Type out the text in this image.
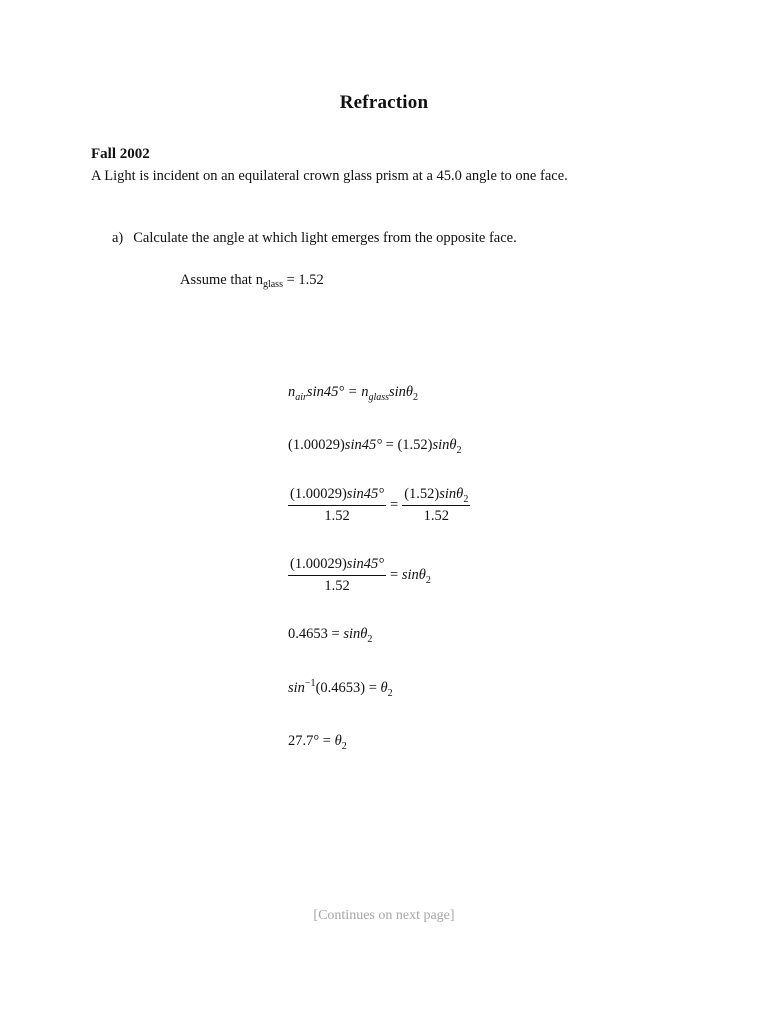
Refraction
Fall 2002
A Light is incident on an equilateral crown glass prism at a 45.0 angle to one face.
a) Calculate the angle at which light emerges from the opposite face.
Assume that $n_{glass} = 1.52$
$n_{air}\sin 45^\circ = n_{glass}\sin\theta_2$
(1.00029)sin45° = (1.52)sinθ$_2$
$\frac{(1.00029)\sin 45^\circ}{1.52} = \frac{(1.52)\sin\theta_2}{1.52}$
$\frac{(1.00029)\sin 45^\circ}{1.52} = \sin\theta_2$
0.4653 = sinθ$_2$
$\sin^{-1}(0.4653) = \theta_2$
$27.7^\circ = \theta_2$
[Continues on next page]
